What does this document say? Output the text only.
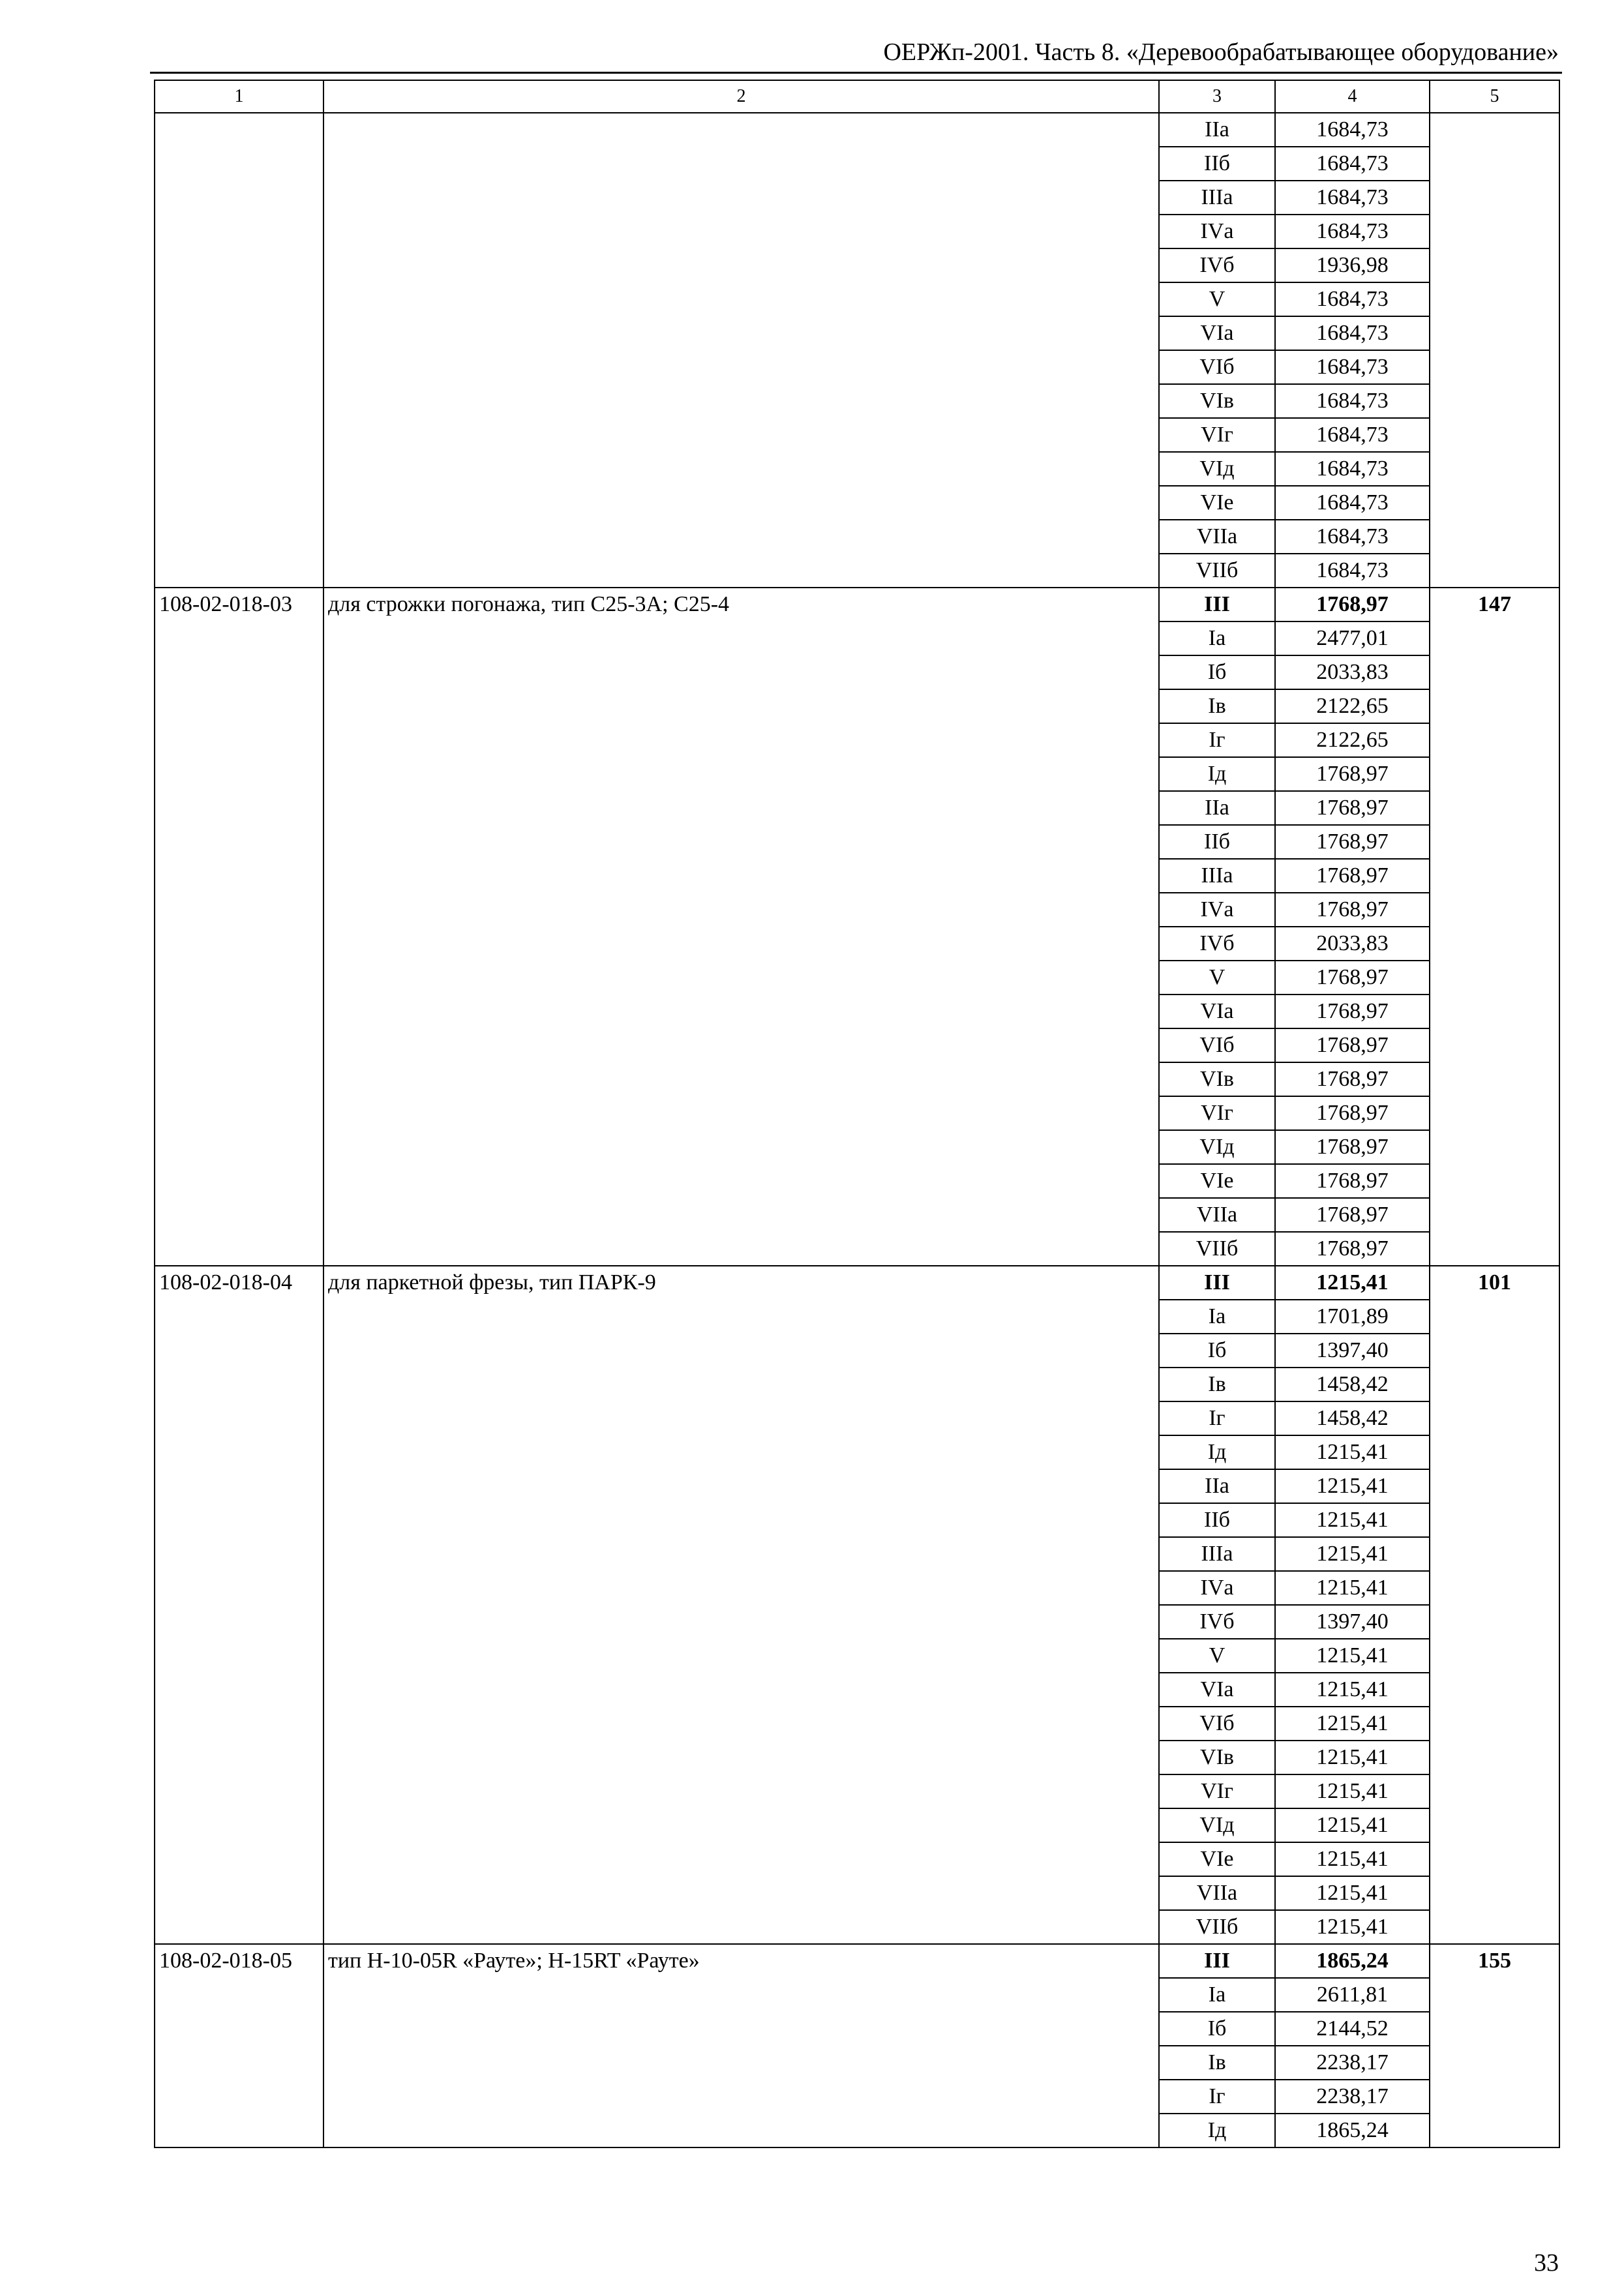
ОЕРЖп-2001. Часть 8. «Деревообрабатывающее оборудование»
1	2	3	4	5
		IIа	1684,73	
		IIб	1684,73	
		IIIа	1684,73	
		IVа	1684,73	
		IVб	1936,98	
		V	1684,73	
		VIа	1684,73	
		VIб	1684,73	
		VIв	1684,73	
		VIг	1684,73	
		VIд	1684,73	
		VIе	1684,73	
		VIIа	1684,73	
		VIIб	1684,73	
108-02-018-03	для строжки погонажа, тип С25-3А; С25-4	III	1768,97	147
		Iа	2477,01	
		Iб	2033,83	
		Iв	2122,65	
		Iг	2122,65	
		Iд	1768,97	
		IIа	1768,97	
		IIб	1768,97	
		IIIа	1768,97	
		IVа	1768,97	
		IVб	2033,83	
		V	1768,97	
		VIа	1768,97	
		VIб	1768,97	
		VIв	1768,97	
		VIг	1768,97	
		VIд	1768,97	
		VIе	1768,97	
		VIIа	1768,97	
		VIIб	1768,97	
108-02-018-04	для паркетной фрезы, тип ПАРК-9	III	1215,41	101
		Iа	1701,89	
		Iб	1397,40	
		Iв	1458,42	
		Iг	1458,42	
		Iд	1215,41	
		IIа	1215,41	
		IIб	1215,41	
		IIIа	1215,41	
		IVа	1215,41	
		IVб	1397,40	
		V	1215,41	
		VIа	1215,41	
		VIб	1215,41	
		VIв	1215,41	
		VIг	1215,41	
		VIд	1215,41	
		VIе	1215,41	
		VIIа	1215,41	
		VIIб	1215,41	
108-02-018-05	тип Н-10-05R «Рауте»; Н-15RT «Рауте»	III	1865,24	155
		Iа	2611,81	
		Iб	2144,52	
		Iв	2238,17	
		Iг	2238,17	
		Iд	1865,24	
33
